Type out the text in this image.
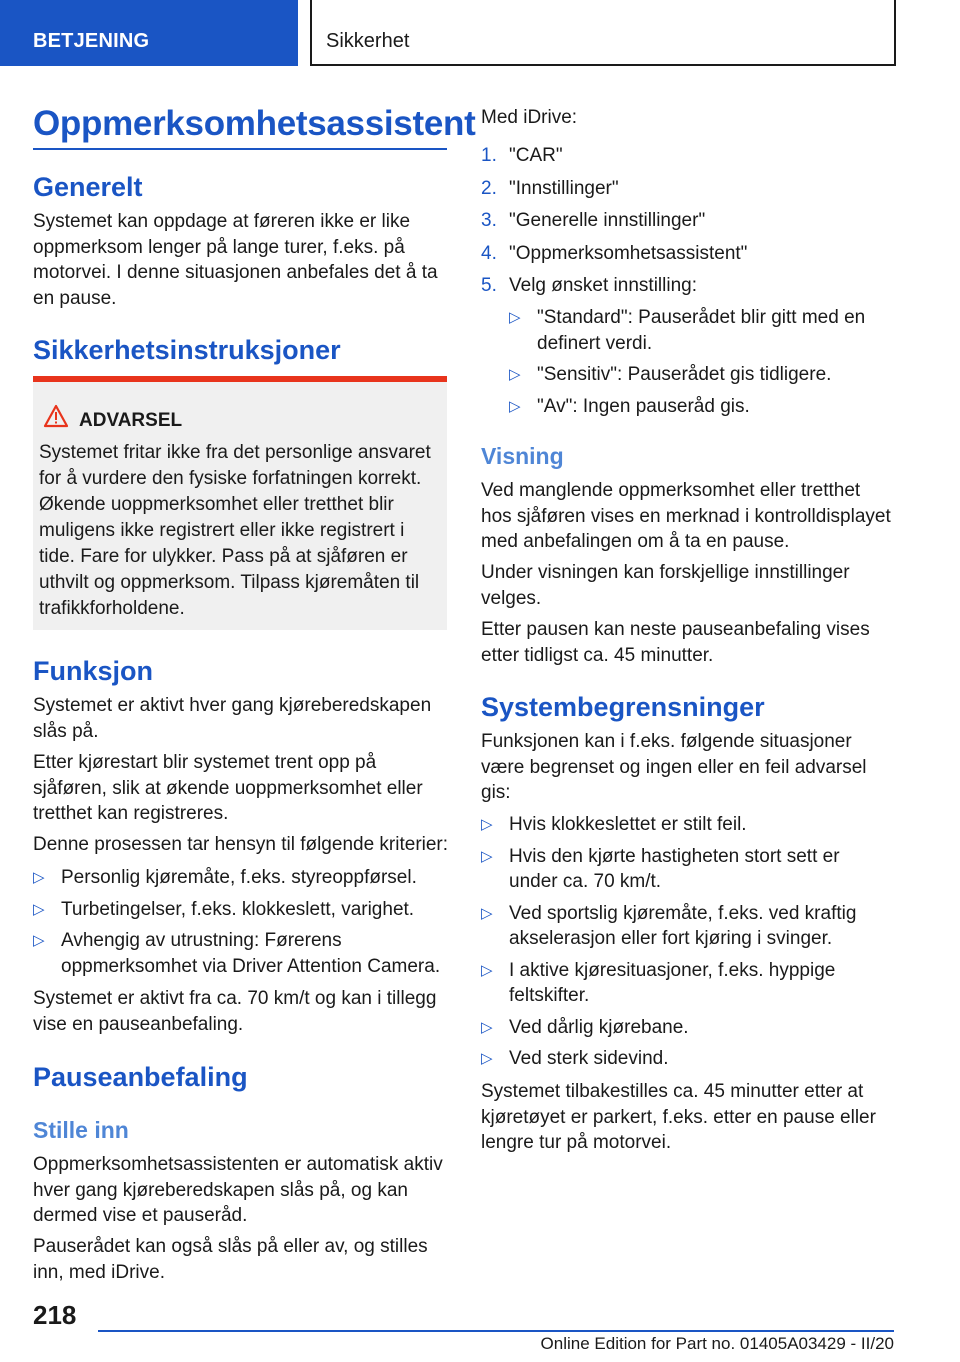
BETJENING	Sikkerhet
Oppmerksomhetsassistent
Generelt
Systemet kan oppdage at føreren ikke er like oppmerksom lenger på lange turer, f.eks. på motorvei. I denne situasjonen anbefales det å ta en pause.
Sikkerhetsinstruksjoner
ADVARSEL
Systemet fritar ikke fra det personlige ansvaret for å vurdere den fysiske forfatningen korrekt. Økende uoppmerksomhet eller tretthet blir muligens ikke registrert eller ikke registrert i tide. Fare for ulykker. Pass på at sjåføren er uthvilt og oppmerksom. Tilpass kjøremåten til trafikkforholdene.
Funksjon
Systemet er aktivt hver gang kjøreberedskapen slås på.
Etter kjørestart blir systemet trent opp på sjåføren, slik at økende uoppmerksomhet eller tretthet kan registreres.
Denne prosessen tar hensyn til følgende kriterier:
▷ Personlig kjøremåte, f.eks. styreoppførsel.
▷ Turbetingelser, f.eks. klokkeslett, varighet.
▷ Avhengig av utrustning: Førerens oppmerksomhet via Driver Attention Camera.
Systemet er aktivt fra ca. 70 km/t og kan i tillegg vise en pauseanbefaling.
Pauseanbefaling
Stille inn
Oppmerksomhetsassistenten er automatisk aktiv hver gang kjøreberedskapen slås på, og kan dermed vise et pauseråd.
Pauserådet kan også slås på eller av, og stilles inn, med iDrive.
Med iDrive:
1. "CAR"
2. "Innstillinger"
3. "Generelle innstillinger"
4. "Oppmerksomhetsassistent"
5. Velg ønsket innstilling:
▷ "Standard": Pauserådet blir gitt med en definert verdi.
▷ "Sensitiv": Pauserådet gis tidligere.
▷ "Av": Ingen pauseråd gis.
Visning
Ved manglende oppmerksomhet eller tretthet hos sjåføren vises en merknad i kontrolldisplayet med anbefalingen om å ta en pause.
Under visningen kan forskjellige innstillinger velges.
Etter pausen kan neste pauseanbefaling vises etter tidligst ca. 45 minutter.
Systembegrensninger
Funksjonen kan i f.eks. følgende situasjoner være begrenset og ingen eller en feil advarsel gis:
▷ Hvis klokkeslettet er stilt feil.
▷ Hvis den kjørte hastigheten stort sett er under ca. 70 km/t.
▷ Ved sportslig kjøremåte, f.eks. ved kraftig akselerasjon eller fort kjøring i svinger.
▷ I aktive kjøresituasjoner, f.eks. hyppige feltskifter.
▷ Ved dårlig kjørebane.
▷ Ved sterk sidevind.
Systemet tilbakestilles ca. 45 minutter etter at kjøretøyet er parkert, f.eks. etter en pause eller lengre tur på motorvei.
218
Online Edition for Part no. 01405A03429 - II/20
